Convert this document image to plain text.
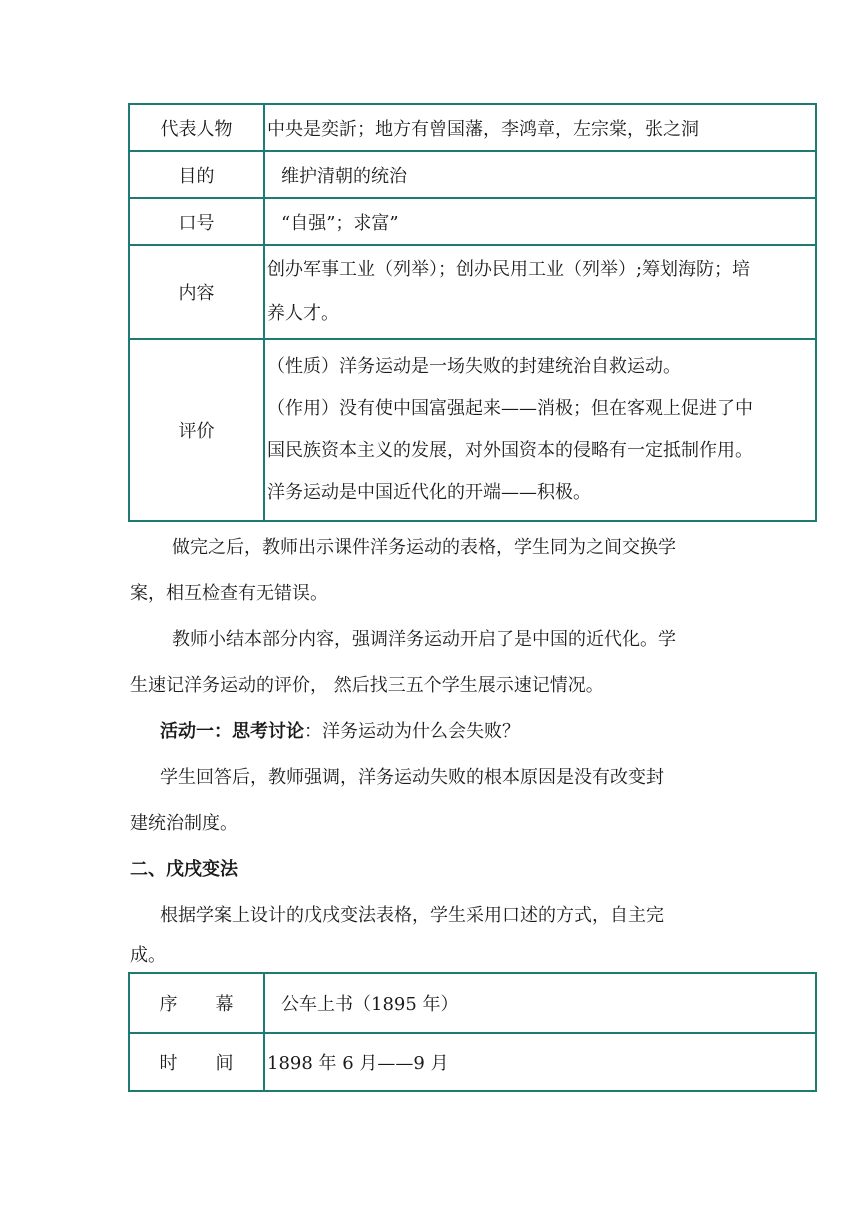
代表人物	中央是奕訢；地方有曾国藩，李鸿章，左宗棠，张之洞
目的	维护清朝的统治
口号	“自强”；求富”
内容	创办军事工业（列举）；创办民用工业（列举）;筹划海防；培
养人才。

评价	（性质）洋务运动是一场失败的封建统治自救运动。
（作用）没有使中国富强起来——消极；但在客观上促进了中
国民族资本主义的发展，对外国资本的侵略有一定抵制作用。
洋务运动是中国近代化的开端——积极。
做完之后，教师出示课件洋务运动的表格，学生同为之间交换学
案，相互检查有无错误。
教师小结本部分内容，强调洋务运动开启了是中国的近代化。学
生速记洋务运动的评价， 然后找三五个学生展示速记情况。
活动一：思考讨论：洋务运动为什么会失败？
学生回答后，教师强调，洋务运动失败的根本原因是没有改变封
建统治制度。
二、戊戌变法
根据学案上设计的戊戌变法表格，学生采用口述的方式，自主完
成。
序 幕	公车上书（1895 年）
时 间	1898 年 6 月——9 月
